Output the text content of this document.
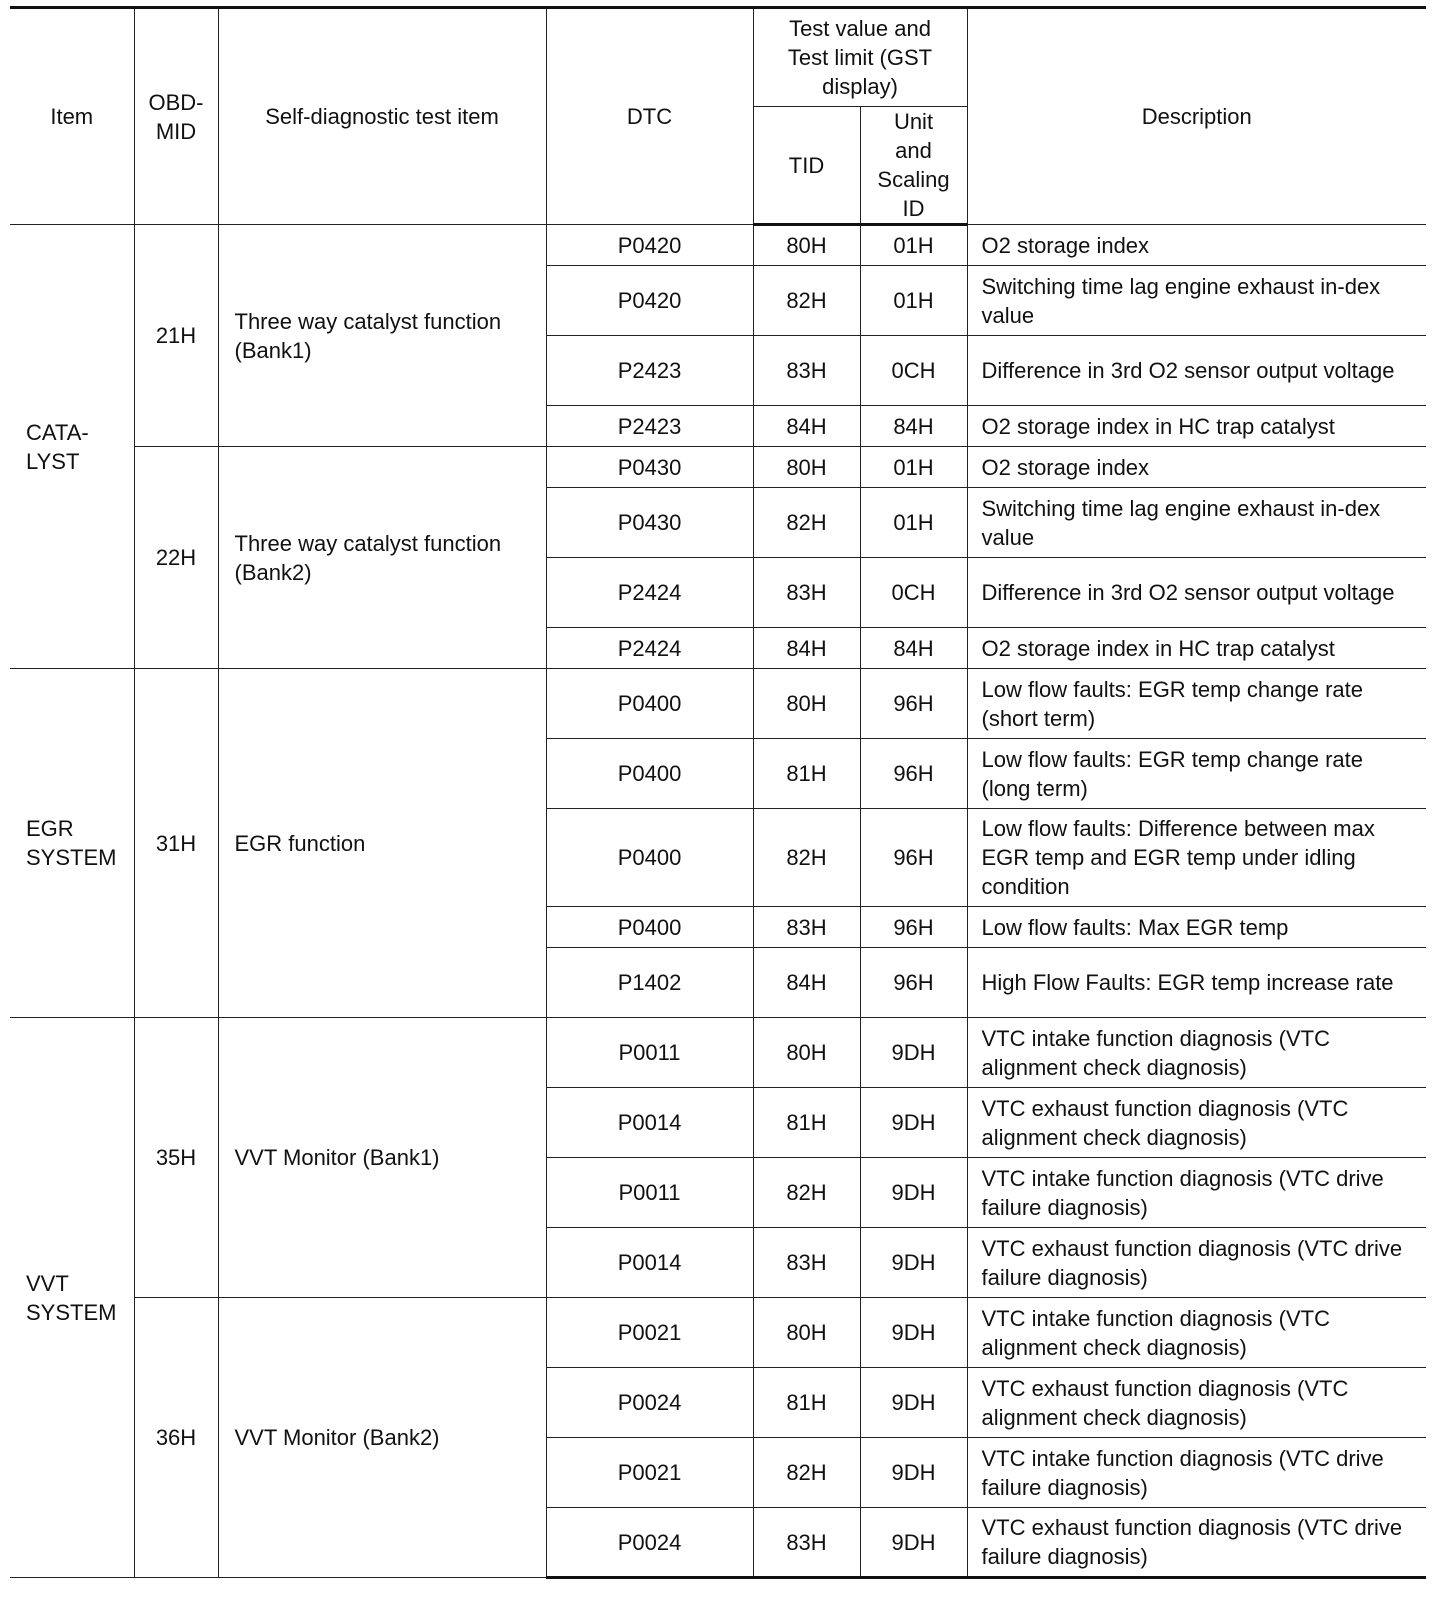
Item	OBD-MID	Self-diagnostic test item	DTC	Test value and Test limit (GST display)		Description
				TID	Unit and Scaling ID	
CATA-LYST	21H	Three way catalyst function (Bank1)	P0420	80H	01H	O2 storage index
			P0420	82H	01H	Switching time lag engine exhaust in-dex value
			P2423	83H	0CH	Difference in 3rd O2 sensor output voltage
			P2423	84H	84H	O2 storage index in HC trap catalyst
	22H	Three way catalyst function (Bank2)	P0430	80H	01H	O2 storage index
			P0430	82H	01H	Switching time lag engine exhaust in-dex value
			P2424	83H	0CH	Difference in 3rd O2 sensor output voltage
			P2424	84H	84H	O2 storage index in HC trap catalyst
EGR SYSTEM	31H	EGR function	P0400	80H	96H	Low flow faults: EGR temp change rate (short term)
			P0400	81H	96H	Low flow faults: EGR temp change rate (long term)
			P0400	82H	96H	Low flow faults: Difference between max EGR temp and EGR temp under idling condition
			P0400	83H	96H	Low flow faults: Max EGR temp
			P1402	84H	96H	High Flow Faults: EGR temp increase rate
VVT SYSTEM	35H	VVT Monitor (Bank1)	P0011	80H	9DH	VTC intake function diagnosis (VTC alignment check diagnosis)
			P0014	81H	9DH	VTC exhaust function diagnosis (VTC alignment check diagnosis)
			P0011	82H	9DH	VTC intake function diagnosis (VTC drive failure diagnosis)
			P0014	83H	9DH	VTC exhaust function diagnosis (VTC drive failure diagnosis)
	36H	VVT Monitor (Bank2)	P0021	80H	9DH	VTC intake function diagnosis (VTC alignment check diagnosis)
			P0024	81H	9DH	VTC exhaust function diagnosis (VTC alignment check diagnosis)
			P0021	82H	9DH	VTC intake function diagnosis (VTC drive failure diagnosis)
			P0024	83H	9DH	VTC exhaust function diagnosis (VTC drive failure diagnosis)
